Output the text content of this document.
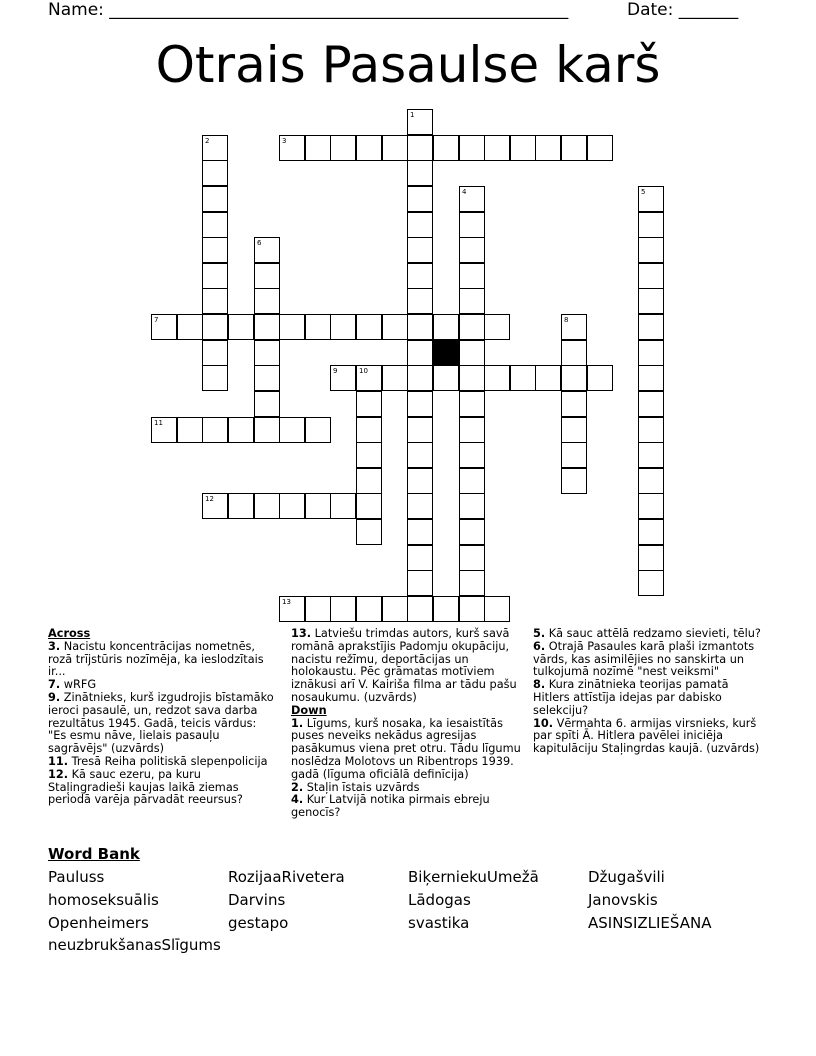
Name: ______________________________________________________	Date: _______
Otrais Pasaulse karš
1
2	3
4	5
6
7	8
9	10
11
12
13

Across

3. Nacistu koncentrācijas nometnēs, rozā trījstūris nozīmēja, ka ieslodzītais ir...

7. wRFG

9. Zinātnieks, kurš izgudrojis bīstamāko ieroci pasaulē, un, redzot sava darba rezultātus 1945. Gadā, teicis vārdus: "Es esmu nāve, lielais pasauļu sagrāvējs" (uzvārds)

11. Tresā Reiha politiskā slepenpolicija

12. Kā sauc ezeru, pa kuru Staļingradieši kaujas laikā ziemas periodā varēja pārvadāt reeursus?

13. Latviešu trimdas autors, kurš savā romānā aprakstījis Padomju okupāciju, nacistu režīmu, deportācijas un holokaustu. Pēc grāmatas motīviem iznākusi arī V. Kairiša filma ar tādu pašu nosaukumu. (uzvārds)

Down

1. Līgums, kurš nosaka, ka iesaistītās puses neveiks nekādus agresijas pasākumus viena pret otru. Tādu līgumu noslēdza Molotovs un Ribentrops 1939. gadā (līguma oficiālā definīcija)

2. Staļin īstais uzvārds

4. Kur Latvijā notika pirmais ebreju genocīs?

5. Kā sauc attēlā redzamo sievieti, tēlu?

6. Otrajā Pasaules karā plaši izmantots vārds, kas asimilējies no sanskirta un tulkojumā nozīmē "nest veiksmi"

8. Kura zinātnieka teorijas pamatā Hitlers attīstīja idejas par dabisko selekciju?

10. Vērmahta 6. armijas virsnieks, kurš par spīti Ā. Hitlera pavēlei iniciēja kapitulāciju Staļingrdas kaujā. (uzvārds)

Word Bank
Pauluss	RozijaaRivetera	BiķerniekuUmežā	Džugašvili
homoseksuālis	Darvins	Lādogas	Janovskis
Openheimers	gestapo	svastika	ASINSIZLIEŠANA
neuzbrukšanasSlīgums
